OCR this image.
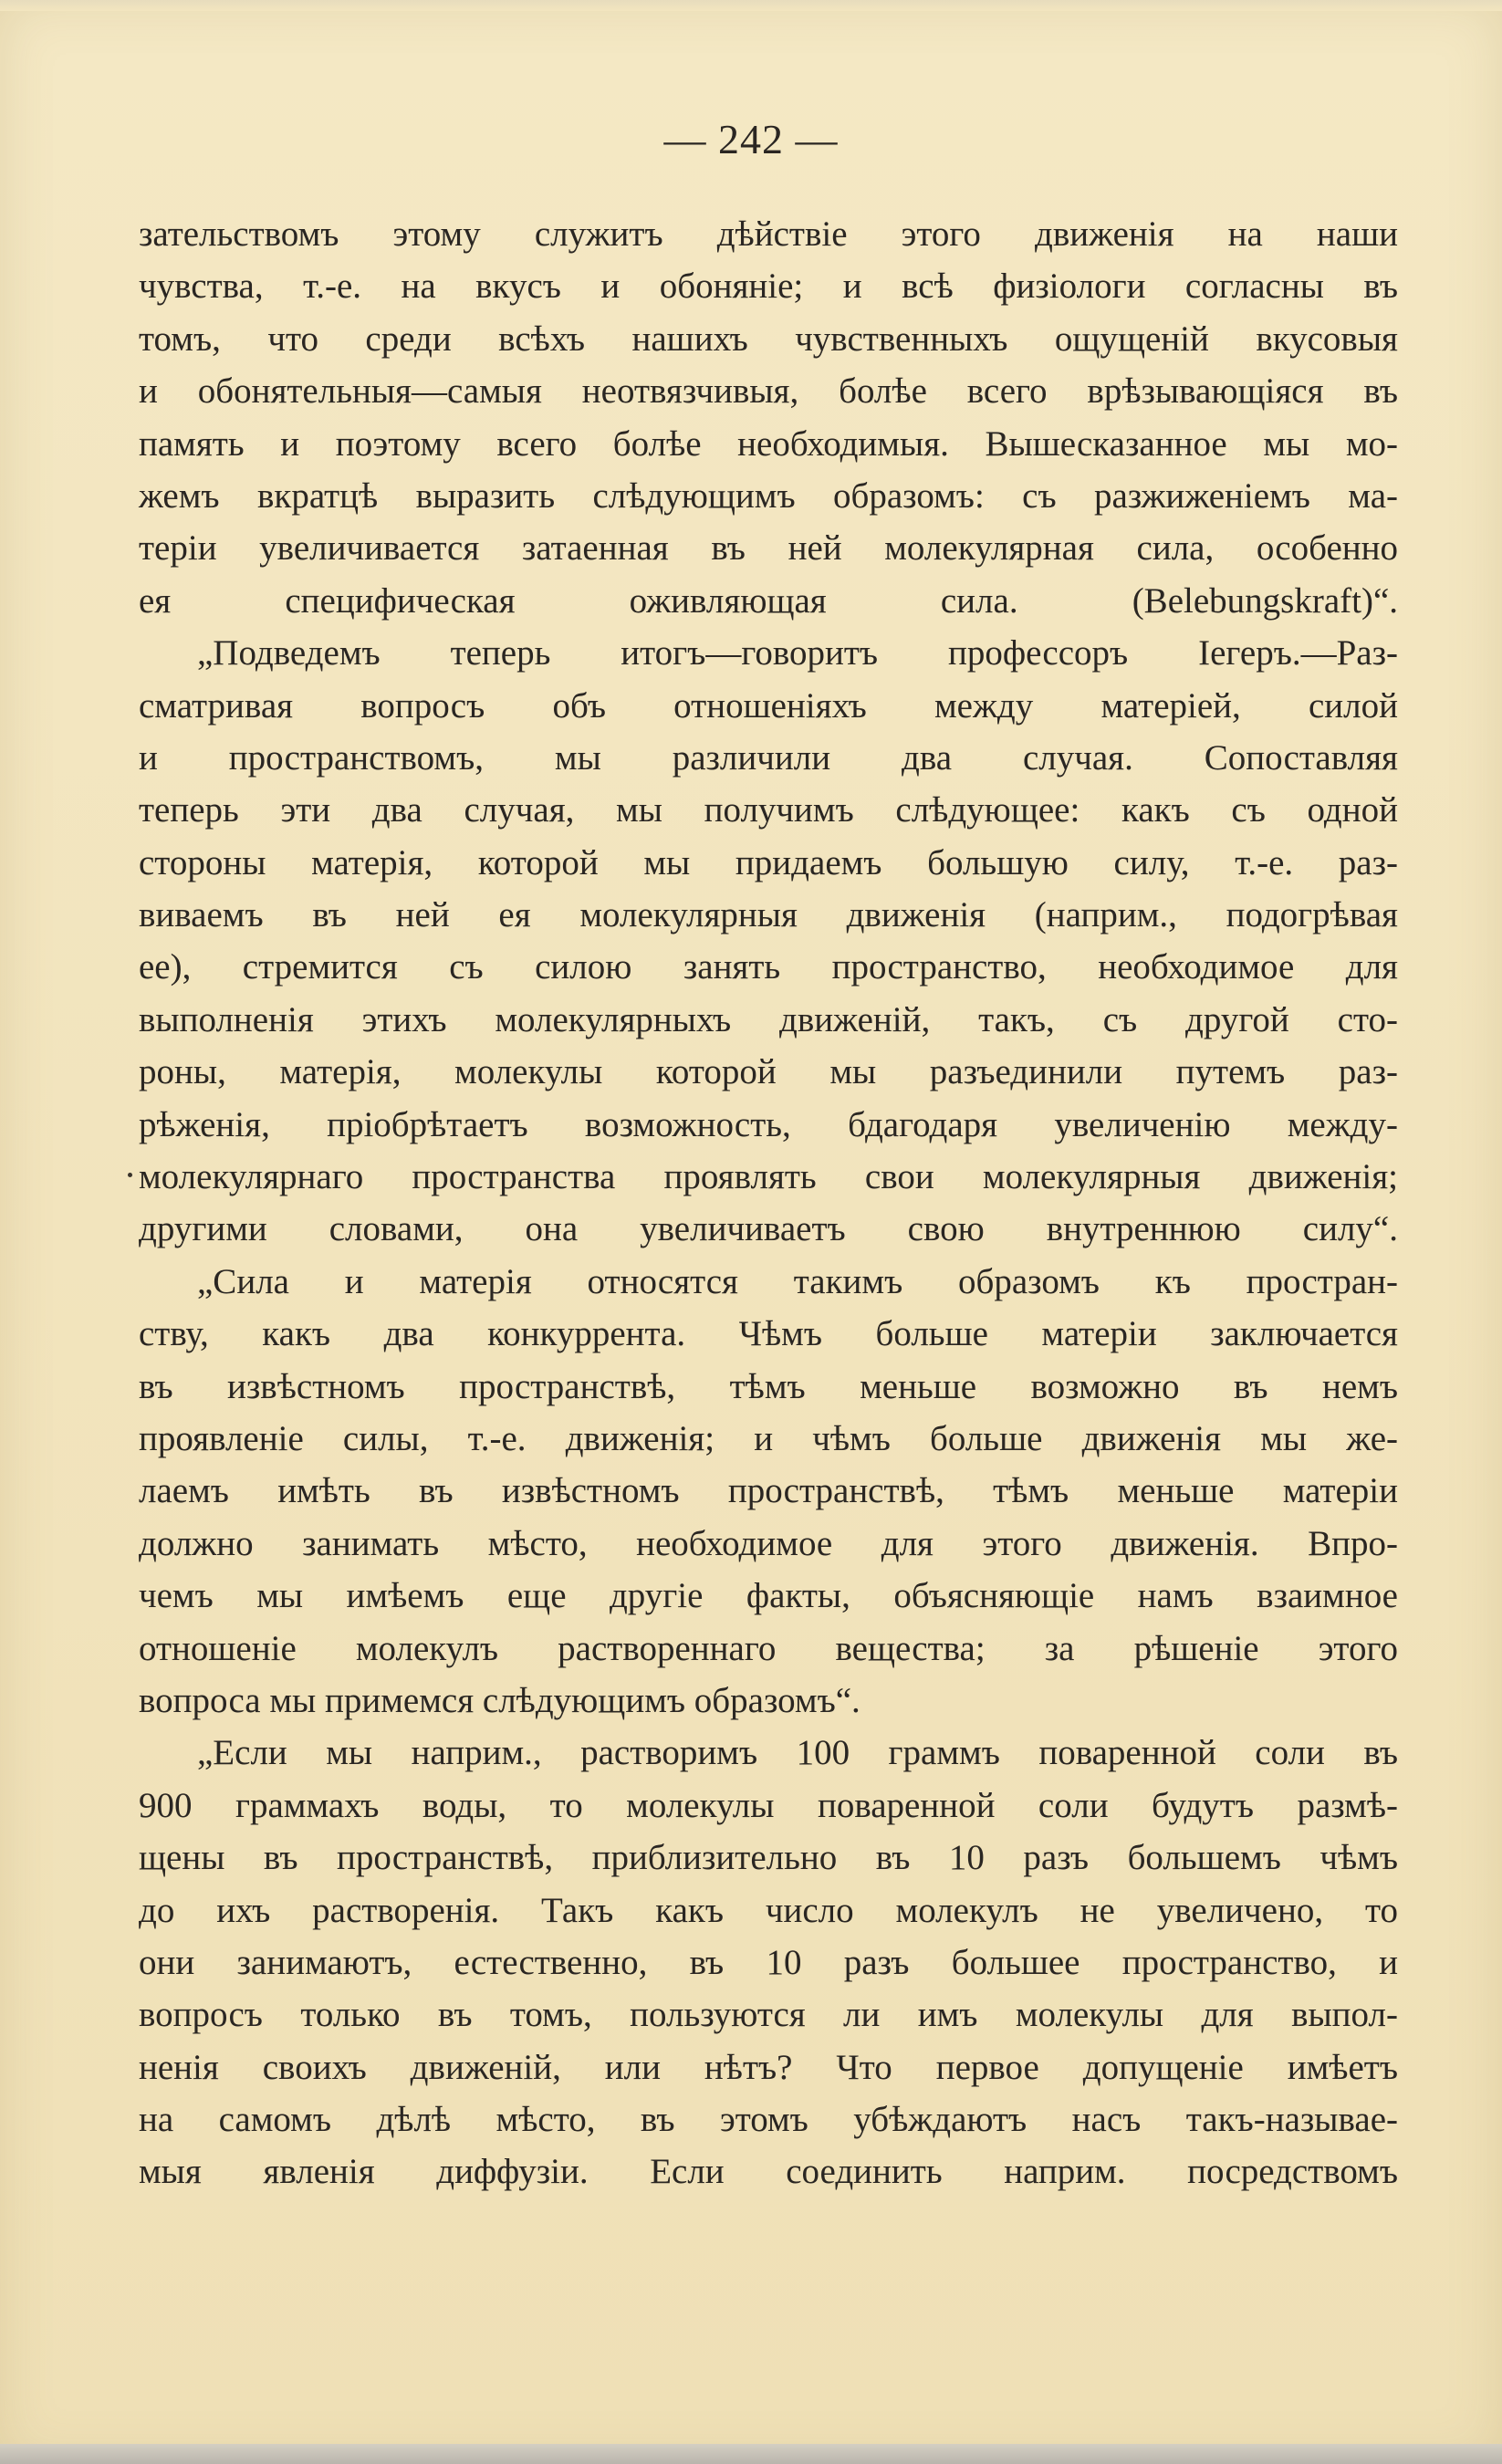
— 242 —
зательствомъ этому служитъ дѣйствіе этого движенія на наши
чувства, т.-е. на вкусъ и обоняніе; и всѣ физіологи согласны въ
томъ, что среди всѣхъ нашихъ чувственныхъ ощущеній вкусовыя
и обонятельныя—самыя неотвязчивыя, болѣе всего врѣзывающіяся въ
память и поэтому всего болѣе необходимыя. Вышесказанное мы мо-
жемъ вкратцѣ выразить слѣдующимъ образомъ: съ разжиженіемъ ма-
теріи увеличивается затаенная въ ней молекулярная сила, особенно
ея специфическая оживляющая сила. (Belebungskraft)“.
„Подведемъ теперь итогъ—говоритъ профессоръ Іегеръ.—Раз-
сматривая вопросъ объ отношеніяхъ между матеріей, силой
и пространствомъ, мы различили два случая. Сопоставляя
теперь эти два случая, мы получимъ слѣдующее: какъ съ одной
стороны матерія, которой мы придаемъ большую силу, т.-е. раз-
виваемъ въ ней ея молекулярныя движенія (наприм., подогрѣвая
ее), стремится съ силою занять пространство, необходимое для
выполненія этихъ молекулярныхъ движеній, такъ, съ другой сто-
роны, матерія, молекулы которой мы разъединили путемъ раз-
рѣженія, пріобрѣтаетъ возможность, бдагодаря увеличенію между-
молекулярнаго пространства проявлять свои молекулярныя движенія;
другими словами, она увеличиваетъ свою внутреннюю силу“.
„Сила и матерія относятся такимъ образомъ къ простран-
ству, какъ два конкуррента. Чѣмъ больше матеріи заключается
въ извѣстномъ пространствѣ, тѣмъ меньше возможно въ немъ
проявленіе силы, т.-е. движенія; и чѣмъ больше движенія мы же-
лаемъ имѣть въ извѣстномъ пространствѣ, тѣмъ меньше матеріи
должно занимать мѣсто, необходимое для этого движенія. Впро-
чемъ мы имѣемъ еще другіе факты, объясняющіе намъ взаимное
отношеніе молекулъ раствореннаго вещества; за рѣшеніе этого
вопроса мы примемся слѣдующимъ образомъ“.
„Если мы наприм., растворимъ 100 граммъ поваренной соли въ
900 граммахъ воды, то молекулы поваренной соли будутъ размѣ-
щены въ пространствѣ, приблизительно въ 10 разъ большемъ чѣмъ
до ихъ растворенія. Такъ какъ число молекулъ не увеличено, то
они занимаютъ, естественно, въ 10 разъ большее пространство, и
вопросъ только въ томъ, пользуются ли имъ молекулы для выпол-
ненія своихъ движеній, или нѣтъ? Что первое допущеніе имѣетъ
на самомъ дѣлѣ мѣсто, въ этомъ убѣждаютъ насъ такъ-называе-
мыя явленія диффузіи. Если соединить наприм. посредствомъ
